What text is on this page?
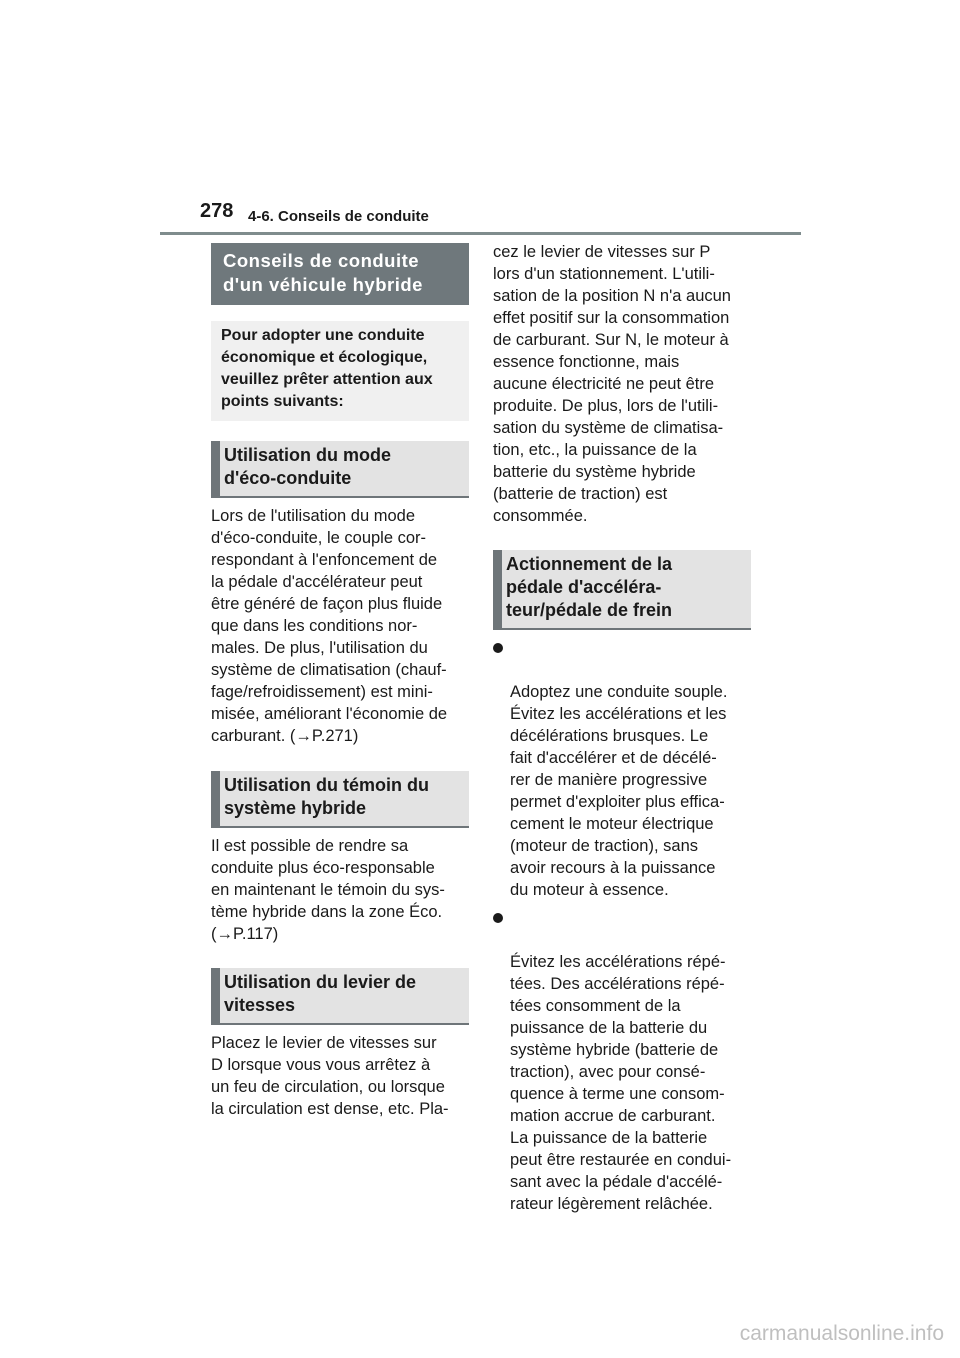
278 4-6. Conseils de conduite
Conseils de conduite
d'un véhicule hybride
Pour adopter une conduite
économique et écologique,
veuillez prêter attention aux
points suivants:
Utilisation du mode
d'éco-conduite

Lors de l'utilisation du mode
d'éco-conduite, le couple cor-
respondant à l'enfoncement de
la pédale d'accélérateur peut
être généré de façon plus fluide
que dans les conditions nor-
males. De plus, l'utilisation du
système de climatisation (chauf-
fage/refroidissement) est mini-
misée, améliorant l'économie de
carburant. (→P.271)

Utilisation du témoin du
système hybride

Il est possible de rendre sa
conduite plus éco-responsable
en maintenant le témoin du sys-
tème hybride dans la zone Éco.
(→P.117)

Utilisation du levier de
vitesses

Placez le levier de vitesses sur
D lorsque vous vous arrêtez à
un feu de circulation, ou lorsque
la circulation est dense, etc. Pla-

cez le levier de vitesses sur P
lors d'un stationnement. L'utili-
sation de la position N n'a aucun
effet positif sur la consommation
de carburant. Sur N, le moteur à
essence fonctionne, mais
aucune électricité ne peut être
produite. De plus, lors de l'utili-
sation du système de climatisa-
tion, etc., la puissance de la
batterie du système hybride
(batterie de traction) est
consommée.

Actionnement de la
pédale d'accéléra-
teur/pédale de frein

Adoptez une conduite souple.
Évitez les accélérations et les
décélérations brusques. Le
fait d'accélérer et de décélé-
rer de manière progressive
permet d'exploiter plus effica-
cement le moteur électrique
(moteur de traction), sans
avoir recours à la puissance
du moteur à essence.

Évitez les accélérations répé-
tées. Des accélérations répé-
tées consomment de la
puissance de la batterie du
système hybride (batterie de
traction), avec pour consé-
quence à terme une consom-
mation accrue de carburant.
La puissance de la batterie
peut être restaurée en condui-
sant avec la pédale d'accélé-
rateur légèrement relâchée.

carmanualsonline.info
